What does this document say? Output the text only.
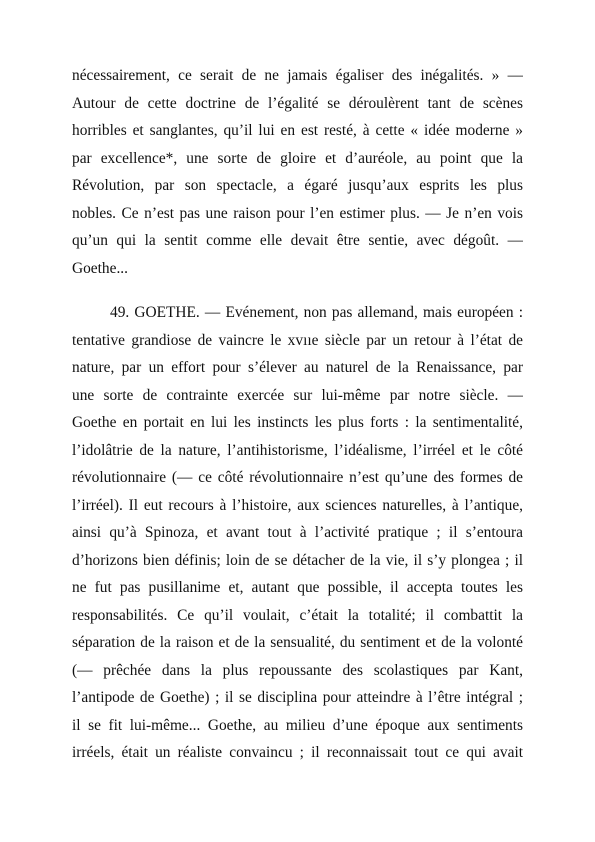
nécessairement, ce serait de ne jamais égaliser des inégalités. » —
Autour de cette doctrine de l’égalité se déroulèrent tant de scènes
horribles et sanglantes, qu’il lui en est resté, à cette « idée moderne »
par excellence*, une sorte de gloire et d’auréole, au point que la
Révolution, par son spectacle, a égaré jusqu’aux esprits les plus
nobles. Ce n’est pas une raison pour l’en estimer plus. — Je n’en vois
qu’un qui la sentit comme elle devait être sentie, avec dégoût. —
Goethe...
49. GOETHE. — Evénement, non pas allemand, mais européen :
tentative grandiose de vaincre le xvııe siècle par un retour à l’état de
nature, par un effort pour s’élever au naturel de la Renaissance, par
une sorte de contrainte exercée sur lui-même par notre siècle. —
Goethe en portait en lui les instincts les plus forts : la sentimentalité,
l’idolâtrie de la nature, l’antihistorisme, l’idéalisme, l’irréel et le côté
révolutionnaire (— ce côté révolutionnaire n’est qu’une des formes de
l’irréel). Il eut recours à l’histoire, aux sciences naturelles, à l’antique,
ainsi qu’à Spinoza, et avant tout à l’activité pratique ; il s’entoura
d’horizons bien définis; loin de se détacher de la vie, il s’y plongea ; il
ne fut pas pusillanime et, autant que possible, il accepta toutes les
responsabilités. Ce qu’il voulait, c’était la totalité; il combattit la
séparation de la raison et de la sensualité, du sentiment et de la volonté
(— prêchée dans la plus repoussante des scolastiques par Kant,
l’antipode de Goethe) ; il se disciplina pour atteindre à l’être intégral ;
il se fit lui-même... Goethe, au milieu d’une époque aux sentiments
irréels, était un réaliste convaincu ; il reconnaissait tout ce qui avait
